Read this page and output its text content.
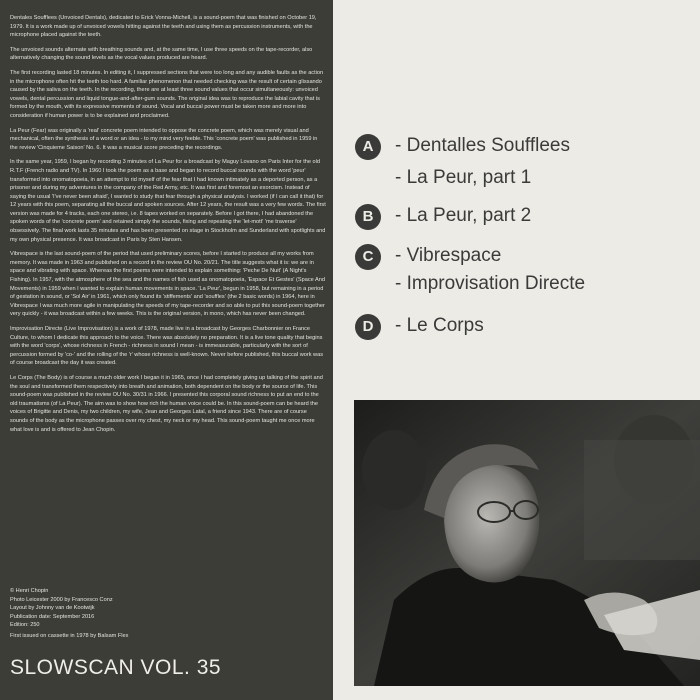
Dentales Soufflees (Unvoiced Dentals), dedicated to Erick Vonna-Michell, is a sound-poem that was finished on October 19, 1979. It is a work made up of unvoiced vowels hitting against the teeth and using them as percussion instruments, with the microphone placed against the teeth.

The unvoiced sounds alternate with breathing sounds and, at the same time, I use three speeds on the tape-recorder, also alternatively changing the sound levels as the vocal values produced are heard.

The first recording lasted 18 minutes. In editing it, I suppressed sections that were too long and any audible faults as the action in the microphone often hit the teeth too hard. A familiar phenomenon that needed checking was the result of certain glissando caused by the saliva on the teeth. In the recording, there are at least three sound values that occur simultaneously: unvoiced vowels, dental percussion and liquid tongue-and-after-gum sounds. The original idea was to reproduce the labial cavity that is formed by the mouth, with its expressive moments of sound. Vocal and buccal power must be taken more and more into consideration if human power is to be explained and proclaimed.

La Peur (Fear) was originally a 'real' concrete poem intended to oppose the concrete poem, which was merely visual and mechanical, often the synthesis of a word or an idea - to my mind very feeble. This 'concrete poem' was published in 1959 in the review 'Cinquieme Saison' No. 6. It was a musical score preceding the recordings.

In the same year, 1959, I began by recording 3 minutes of La Peur for a broadcast by Maguy Lovano on Paris Inter for the old R.T.F (French radio and TV). In 1960 I took the poem as a base and began to record buccal sounds with the word 'peur' transformed into onomatopoeia, in an attempt to rid myself of the fear that I had known intimately as a deported person, as a prisoner and during my adventures in the company of the Red Army, etc. It was first and foremost an exorcism. Instead of saying the usual 'I've never been afraid', I wanted to study that fear through a physical analysis. I worked (if I can call it that) for 12 years with this poem, separating all the buccal and spoken sources. After 12 years, the result was a very few words. The first version was made for 4 tracks, each one stereo, i.e. 8 tapes worked on separately. Before I got there, I had abandoned the spoken words of the 'concrete poem' and retained simply the sounds, fixing and repeating the 'let-mott' 'me traverse' obsessively. The final work lasts 35 minutes and has been presented on stage in Stockholm and Sunderland with spotlights and my own physical presence. It was broadcast in Paris by Sten Hansen.

Vibrespace is the last sound-poem of the period that used preliminary scores, before I started to produce all my works from memory. It was made in 1963 and published on a record in the review OU No. 20/21. The title suggests what it is: we are in space and vibrating with space. Whereas the first poems were intended to explain something: 'Peche De Nuit' (A Night's Fishing). In 1957, with the atmosphere of the sea and the names of fish used as onomatopoeia, 'Espace Et Gestes' (Space And Movements) in 1959 when I wanted to explain human movements in space. 'La Peur', begun in 1958, but remaining in a period of gestation in sound, or 'Sol Air' in 1961, which only found its 'stiffements' and 'souffles' (the 2 basic words) in 1964, here in Vibrespace I was much more agile in manipulating the speeds of my tape-recorder and so able to put this sound-poem together very quickly - it was broadcast within a few weeks. This is the original version, in mono, which has never been changed.

Improvisation Directe (Live Improvisation) is a work of 1978, made live in a broadcast by Georges Charbonnier on France Culture, to whom I dedicate this approach to the voice. There was absolutely no preparation. It is a live tone quality that begins with the word 'corps', whose richness in French - richness in sound I mean - is immeasurable, particularly with the sort of percussion formed by 'co-' and the rolling of the 'r' whose richness is well-known. Never before published, this buccal work was of course broadcast the day it was created.

Le Corps (The Body) is of course a much older work I began it in 1965, once I had completely giving up talking of the spirit and the soul and transformed them respectively into breath and animation, both dependent on the body or the source of life. This sound-poem was published in the review OU No. 30/31 in 1966. I presented this corporal sound richness to put an end to the old traumatisms (of La Peur). The aim was to show how rich the human voice could be. In this sound-poem can be heard the voices of Brigitte and Denis, my two children, my wife, Jean and Georges Latal, a friend since 1943. There are of course sounds of the body as the microphone passes over my chest, my neck or my head. This sound-poem taught me once more what love is and is offered to Jean Chopin.

© Henri Chopin
Photo Leicester 2000 by Francesco Conz
Layout by Johnny van de Kootwijk
Publication date: September 2016
Edition: 250
First issued on cassette in 1978 by Balsam Flex
SLOWSCAN VOL. 35
A	- Dentalles Soufflees
- La Peur, part 1
B	- La Peur, part 2
C	- Vibrespace
- Improvisation Directe
D	- Le Corps
